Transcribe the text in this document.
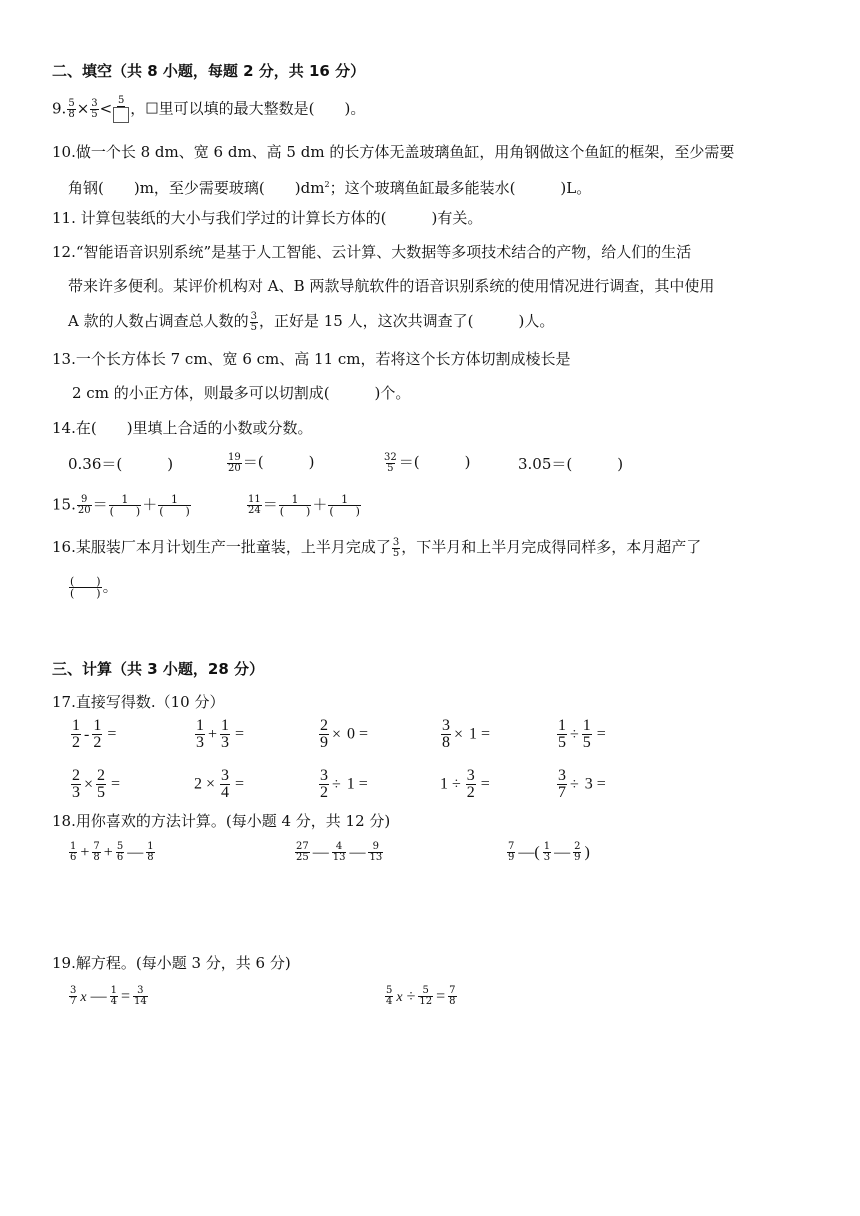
二、填空（共 8 小题，每题 2 分，共 16 分）
9. $\frac{5}{8} \times \frac{3}{5} < 5$ ，☐里可以填的最大整数是(　　)。
10.做一个长 8 dm、宽 6 dm、高 5 dm 的长方体无盖玻璃鱼缸，用角钢做这个鱼缸的框架，至少需要
角钢(　　)m，至少需要玻璃(　　)$dm^2$；这个玻璃鱼缸最多能装水(　　　)L。
11. 计算包装纸的大小与我们学过的计算长方体的(　　　)有关。
12.“智能语音识别系统”是基于人工智能、云计算、大数据等多项技术结合的产物，给人们的生活
带来许多便利。某评价机构对 A、B 两款导航软件的语音识别系统的使用情况进行调查，其中使用
A 款的人数占调查总人数的 $\frac{3}{5}$ ，正好是 15 人，这次共调查了(　　　)人。
13.一个长方体长 7 cm、宽 6 cm、高 11 cm，若将这个长方体切割成棱长是
2 cm 的小正方体，则最多可以切割成(　　　)个。
14.在(　　)里填上合适的小数或分数。
0.36＝(　　　)	$\frac{19}{20}$ ＝(　　　)	$\frac{32}{5}$ ＝(　　　)	3.05＝(　　　)
15. $\frac{9}{20} = \frac{1}{( )} + \frac{1}{( )}$	$\frac{11}{24} = \frac{1}{( )} + \frac{1}{( )}$
16.某服装厂本月计划生产一批童装，上半月完成了 $\frac{3}{5}$ ，下半月和上半月完成得同样多，本月超产了
$\frac{( )}{( )}$ 。
三、计算（共 3 小题，28 分）
17.直接写得数.（10 分）
$\frac{1}{2} - \frac{1}{2}$ =	$\frac{1}{3} + \frac{1}{3}$ =	$\frac{2}{9} \times 0$ =	$\frac{3}{8} \times 1$ =	$\frac{1}{5} \div \frac{1}{5}$ =
$\frac{2}{3} \times \frac{2}{5}$ =	$2 \times \frac{3}{4}$ =	$\frac{3}{2} \div 1$ =	$1 \div \frac{3}{2}$ =	$\frac{3}{7} \div 3$ =
18.用你喜欢的方法计算。(每小题 4 分，共 12 分)
$\frac{1}{6} + \frac{7}{8} + \frac{5}{6}$ — $\frac{1}{8}$	$\frac{27}{25}$ — $\frac{4}{13}$ — $\frac{9}{13}$	$\frac{7}{9}$ —( $\frac{1}{3}$ — $\frac{2}{9}$ )
19.解方程。(每小题 3 分，共 6 分)
$\frac{3}{7}$ x — $\frac{1}{4} = \frac{3}{14}$	$\frac{5}{4}$ $x \div \frac{5}{12} = \frac{7}{8}$
